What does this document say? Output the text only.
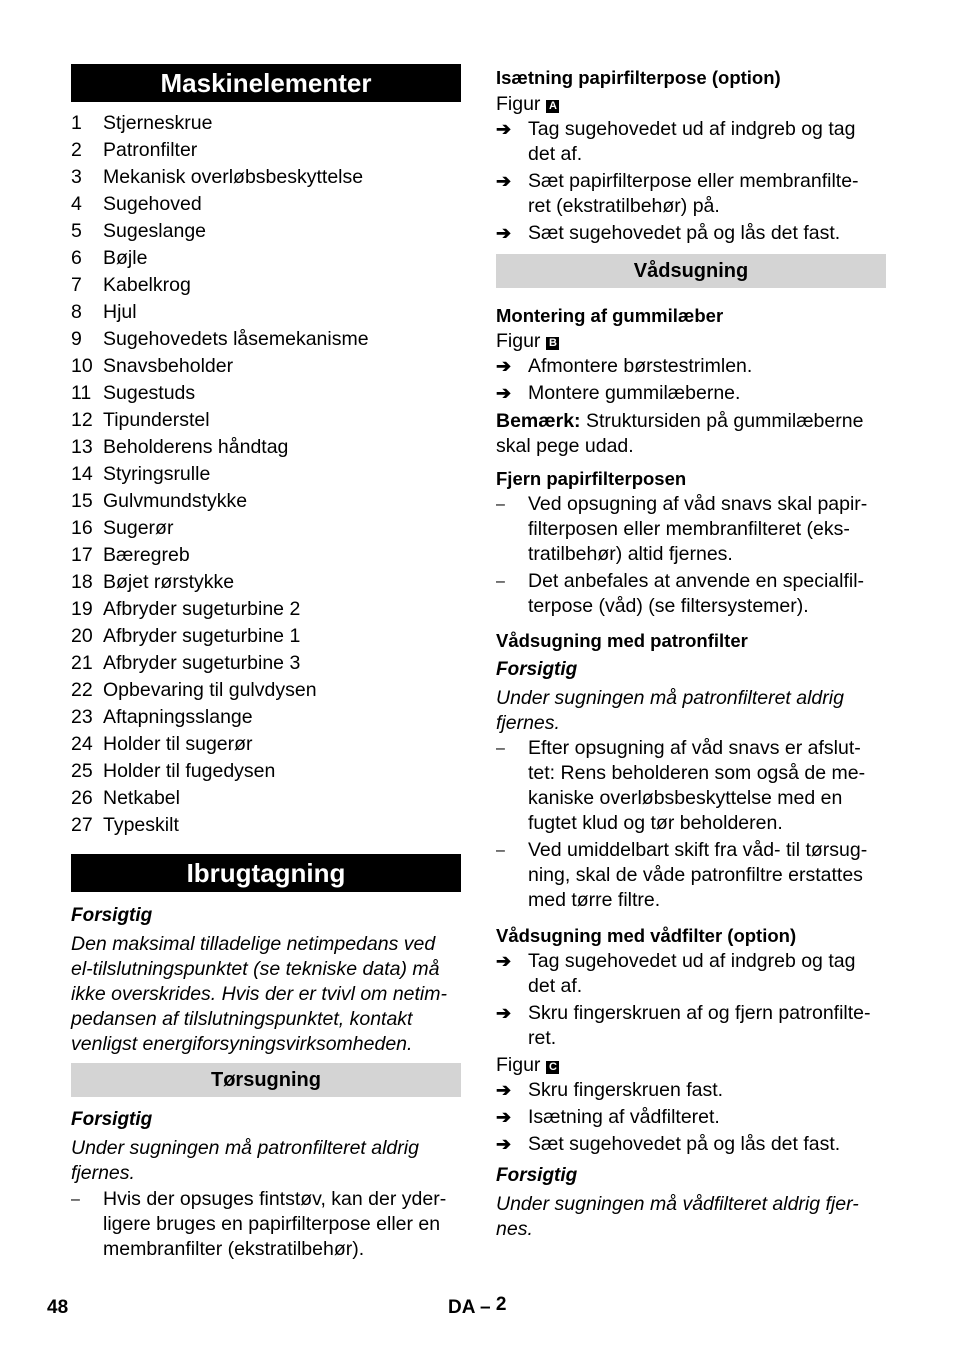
Maskinelementer
1 Stjerneskrue
2 Patronfilter
3 Mekanisk overløbsbeskyttelse
4 Sugehoved
5 Sugeslange
6 Bøjle
7 Kabelkrog
8 Hjul
9 Sugehovedets låsemekanisme
10 Snavsbeholder
11 Sugestuds
12 Tipunderstel
13 Beholderens håndtag
14 Styringsrulle
15 Gulvmundstykke
16 Sugerør
17 Bæregreb
18 Bøjet rørstykke
19 Afbryder sugeturbine 2
20 Afbryder sugeturbine 1
21 Afbryder sugeturbine 3
22 Opbevaring til gulvdysen
23 Aftapningsslange
24 Holder til sugerør
25 Holder til fugedysen
26 Netkabel
27 Typeskilt
Ibrugtagning
Forsigtig
Den maksimal tilladelige netimpedans ved
el-tilslutningspunktet (se tekniske data) må
ikke overskrides. Hvis der er tvivl om netim-
pedansen af tilslutningspunktet, kontakt
venligst energiforsyningsvirksomheden.
Tørsugning
Forsigtig
Under sugningen må patronfilteret aldrig
fjernes.
–	Hvis der opsuges fintstøv, kan der yder-
ligere bruges en papirfilterpose eller en
membranfilter (ekstratilbehør).
Isætning papirfilterpose (option)
Figur A
➔ Tag sugehovedet ud af indgreb og tag
det af.
➔ Sæt papirfilterpose eller membranfilte-
ret (ekstratilbehør) på.
➔ Sæt sugehovedet på og lås det fast.
Vådsugning
Montering af gummilæber
Figur B
➔ Afmontere børstestrimlen.
➔ Montere gummilæberne.
Bemærk: Struktursiden på gummilæberne
skal pege udad.
Fjern papirfilterposen
–	Ved opsugning af våd snavs skal papir-
filterposen eller membranfilteret (eks-
tratilbehør) altid fjernes.
–	Det anbefales at anvende en specialfil-
terpose (våd) (se filtersystemer).
Vådsugning med patronfilter
Forsigtig
Under sugningen må patronfilteret aldrig
fjernes.
–	Efter opsugning af våd snavs er afslut-
tet: Rens beholderen som også de me-
kaniske overløbsbeskyttelse med en
fugtet klud og tør beholderen.
–	Ved umiddelbart skift fra våd- til tørsug-
ning, skal de våde patronfiltre erstattes
med tørre filtre.
Vådsugning med vådfilter (option)
➔ Tag sugehovedet ud af indgreb og tag
det af.
➔ Skru fingerskruen af og fjern patronfilte-
ret.
Figur C
➔ Skru fingerskruen fast.
➔ Isætning af vådfilteret.
➔ Sæt sugehovedet på og lås det fast.
Forsigtig
Under sugningen må vådfilteret aldrig fjer-
nes.
48	DA – 2
